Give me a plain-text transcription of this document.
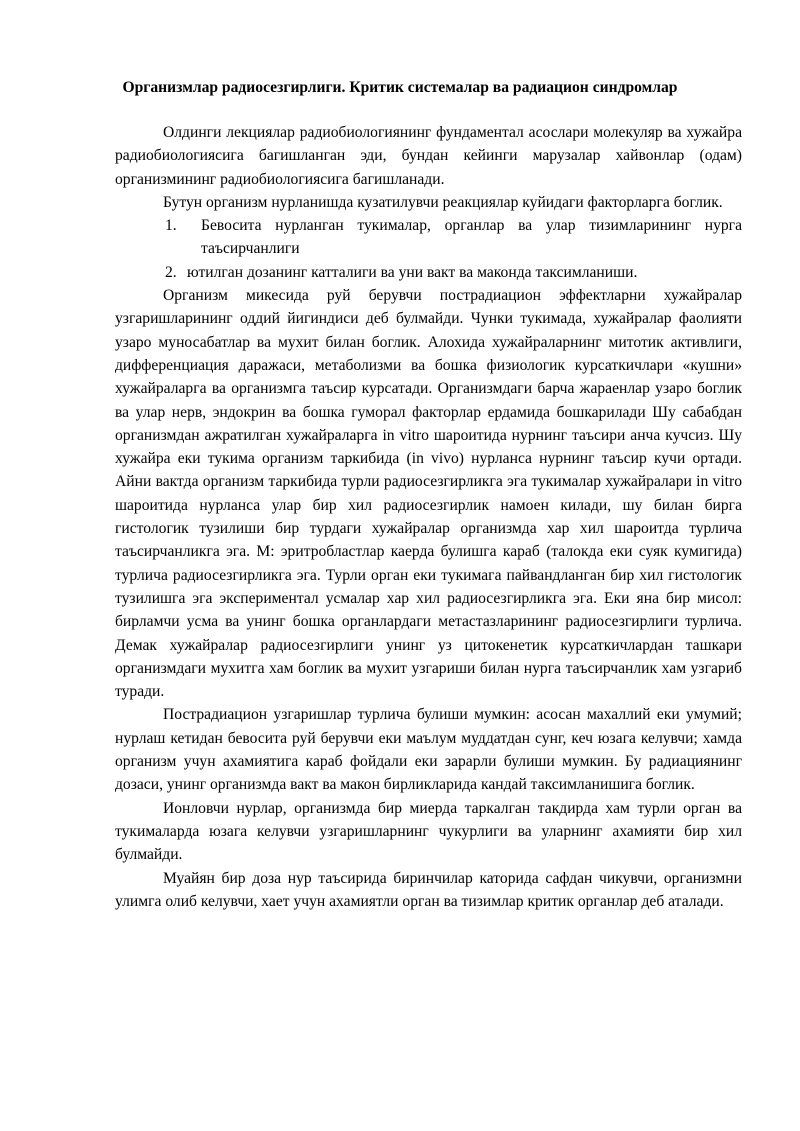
Организмлар радиосезгирлиги. Критик системалар ва радиацион синдромлар

Олдинги лекциялар радиобиологиянинг фундаментал асослари молекуляр ва хужайра радиобиологиясига багишланган эди, бундан кейинги марузалар хайвонлар (одам) организмининг радиобиологиясига багишланади.

Бутун организм нурланишда кузатилувчи реакциялар куйидаги факторларга боглик.

1.	Бевосита нурланган тукималар, органлар ва улар тизимларининг нурга таъсирчанлиги
2. ютилган дозанинг катталиги ва уни вакт ва маконда таксимланиши.

Организм микесида руй берувчи пострадиацион эффектларни хужайралар узгаришларининг оддий йигиндиси деб булмайди. Чунки тукимада, хужайралар фаолияти узаро муносабатлар ва мухит билан боглик. Алохида хужайраларнинг митотик активлиги, дифференциация даражаси, метаболизми ва бошка физиологик курсаткичлари «кушни» хужайраларга ва организмга таъсир курсатади. Организмдаги барча жараенлар узаро боглик ва улар нерв, эндокрин ва бошка гуморал факторлар ердамида бошкарилади Шу сабабдан организмдан ажратилган хужайраларга in vitro шароитида нурнинг таъсири анча кучсиз. Шу хужайра еки тукима организм таркибида (in vivo) нурланса нурнинг таъсир кучи ортади. Айни вактда организм таркибида турли радиосезгирликга эга тукималар хужайралари in vitro шароитида нурланса улар бир хил радиосезгирлик намоен килади, шу билан бирга гистологик тузилиши бир турдаги хужайралар организмда хар хил шароитда турлича таъсирчанликга эга. М: эритробластлар каерда булишга караб (талокда еки суяк кумигида) турлича радиосезгирликга эга. Турли орган еки тукимага пайвандланган бир хил гистологик тузилишга эга экспериментал усмалар хар хил радиосезгирликга эга. Еки яна бир мисол: бирламчи усма ва унинг бошка органлардаги метастазларининг радиосезгирлиги турлича. Демак хужайралар радиосезгирлиги унинг уз цитокенетик курсаткичлардан ташкари организмдаги мухитга хам боглик ва мухит узгариши билан нурга таъсирчанлик хам узгариб туради.

Пострадиацион узгаришлар турлича булиши мумкин: асосан махаллий еки умумий; нурлаш кетидан бевосита руй берувчи еки маълум муддатдан сунг, кеч юзага келувчи; хамда организм учун ахамиятига караб фойдали еки зарарли булиши мумкин. Бу радиациянинг дозаси, унинг организмда вакт ва макон бирликларида кандай таксимланишига боглик.

Ионловчи нурлар, организмда бир миерда таркалган такдирда хам турли орган ва тукималарда юзага келувчи узгаришларнинг чукурлиги ва уларнинг ахамияти бир хил булмайди.

Муайян бир доза нур таъсирида биринчилар каторида сафдан чикувчи, организмни улимга олиб келувчи, хает учун ахамиятли орган ва тизимлар критик органлар деб аталади.
